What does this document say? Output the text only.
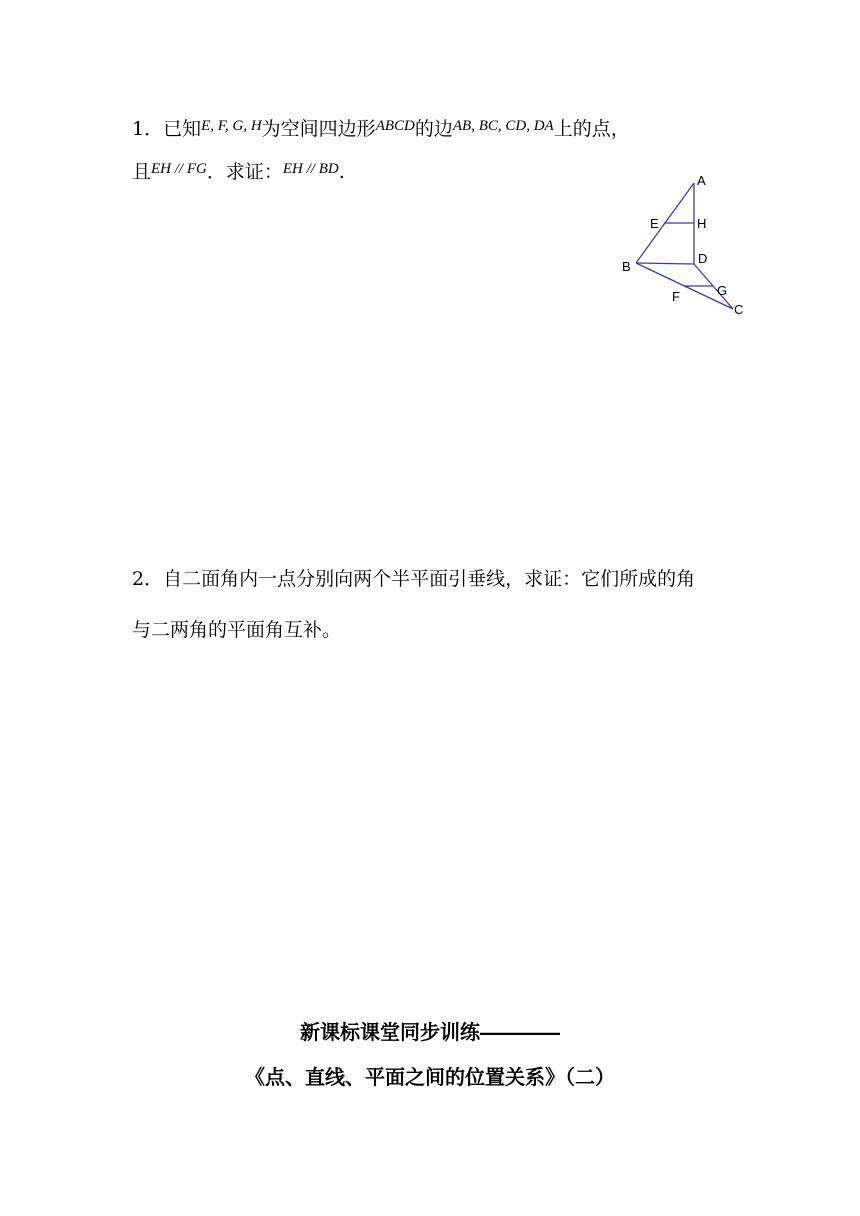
1．已知$^{E, F, G, H}$为空间四边形$^{ABCD}$的边$^{AB, BC, CD, DA}$上的点，
且$^{EH // FG}$．求证：$^{EH // BD}$.	A
E	H
B
D
G
F
C
2．自二面角内一点分别向两个半平面引垂线，求证：它们所成的角
与二两角的平面角互补。
新课标课堂同步训练――――
《点、直线、平面之间的位置关系》（二）
